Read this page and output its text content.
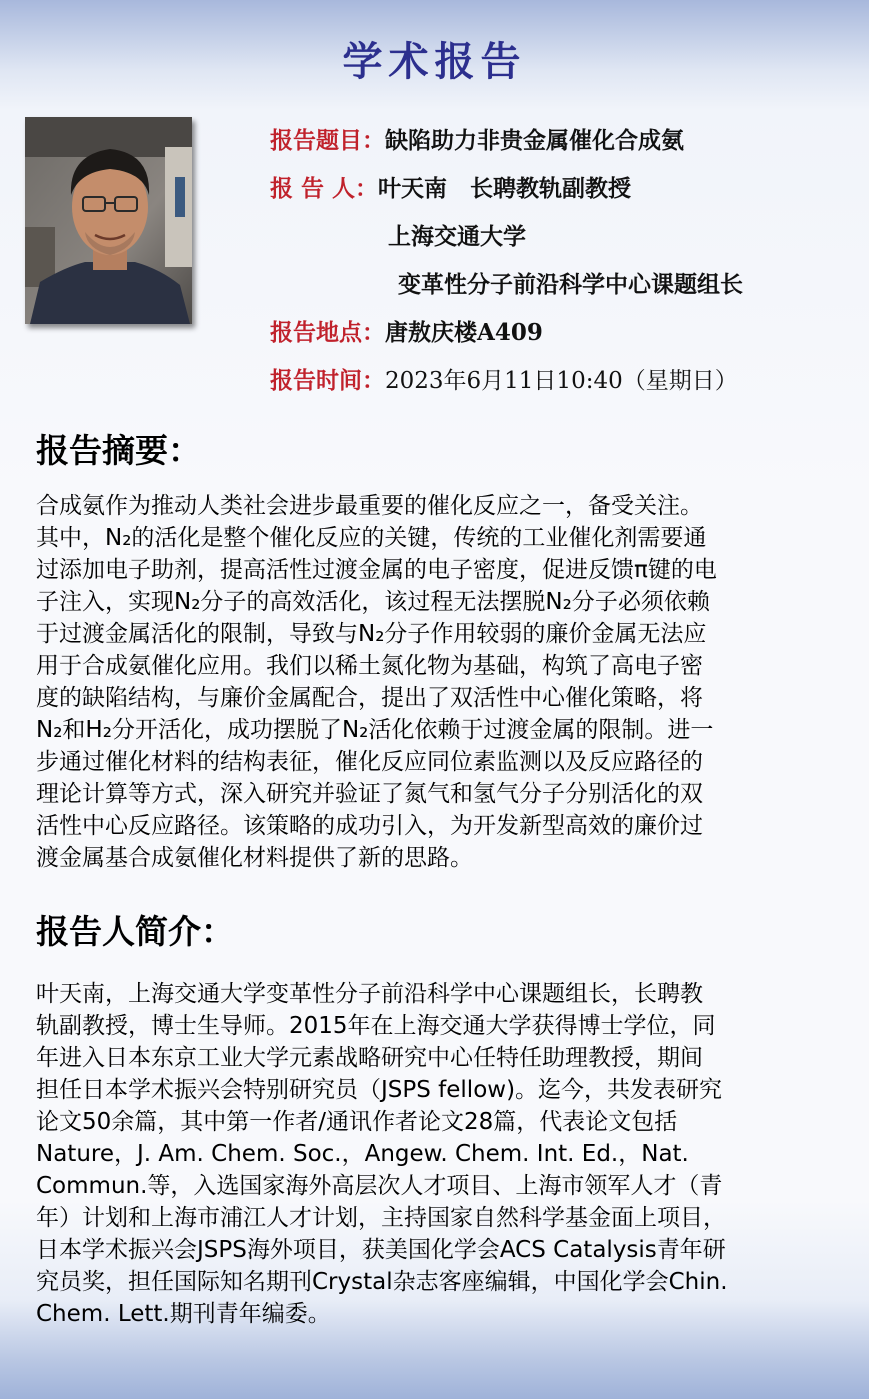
学术报告
报告题目：缺陷助力非贵金属催化合成氨
报 告 人：叶天南　长聘教轨副教授
上海交通大学
变革性分子前沿科学中心课题组长
报告地点：唐敖庆楼A409
报告时间：2023年6月11日10:40（星期日）
报告摘要：
合成氨作为推动人类社会进步最重要的催化反应之一，备受关注。
其中，N₂的活化是整个催化反应的关键，传统的工业催化剂需要通
过添加电子助剂，提高活性过渡金属的电子密度，促进反馈π键的电
子注入，实现N₂分子的高效活化，该过程无法摆脱N₂分子必须依赖
于过渡金属活化的限制，导致与N₂分子作用较弱的廉价金属无法应
用于合成氨催化应用。我们以稀土氮化物为基础，构筑了高电子密
度的缺陷结构，与廉价金属配合，提出了双活性中心催化策略，将
N₂和H₂分开活化，成功摆脱了N₂活化依赖于过渡金属的限制。进一
步通过催化材料的结构表征，催化反应同位素监测以及反应路径的
理论计算等方式，深入研究并验证了氮气和氢气分子分别活化的双
活性中心反应路径。该策略的成功引入，为开发新型高效的廉价过
渡金属基合成氨催化材料提供了新的思路。
报告人简介：
叶天南，上海交通大学变革性分子前沿科学中心课题组长，长聘教
轨副教授，博士生导师。2015年在上海交通大学获得博士学位，同
年进入日本东京工业大学元素战略研究中心任特任助理教授，期间
担任日本学术振兴会特别研究员（JSPS fellow)。迄今，共发表研究
论文50余篇，其中第一作者/通讯作者论文28篇，代表论文包括
Nature，J. Am. Chem. Soc.，Angew. Chem. Int. Ed.，Nat.
Commun.等，入选国家海外高层次人才项目、上海市领军人才（青
年）计划和上海市浦江人才计划，主持国家自然科学基金面上项目，
日本学术振兴会JSPS海外项目，获美国化学会ACS Catalysis青年研
究员奖，担任国际知名期刊Crystal杂志客座编辑，中国化学会Chin.
Chem. Lett.期刊青年编委。
